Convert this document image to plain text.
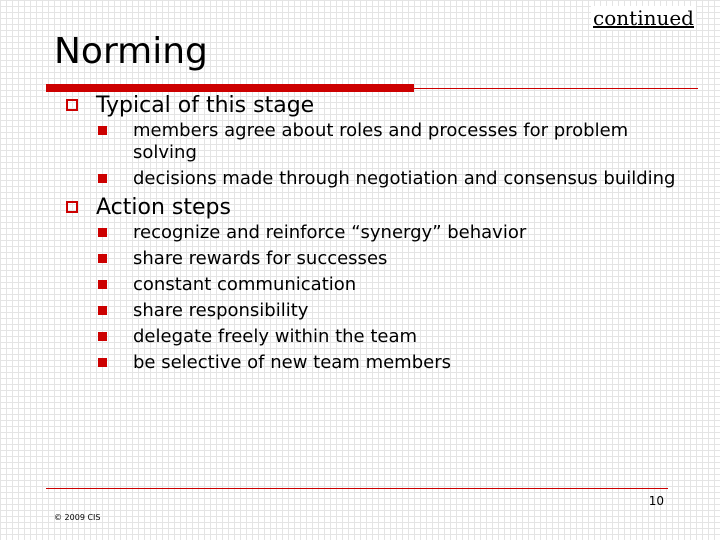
continued
Norming
Typical of this stage
members agree about roles and processes for problem solving
decisions made through negotiation and consensus building
Action steps
recognize and reinforce “synergy” behavior
share rewards for successes
constant communication
share responsibility
delegate freely within the team
be selective of new team members
10
© 2009 CIS
